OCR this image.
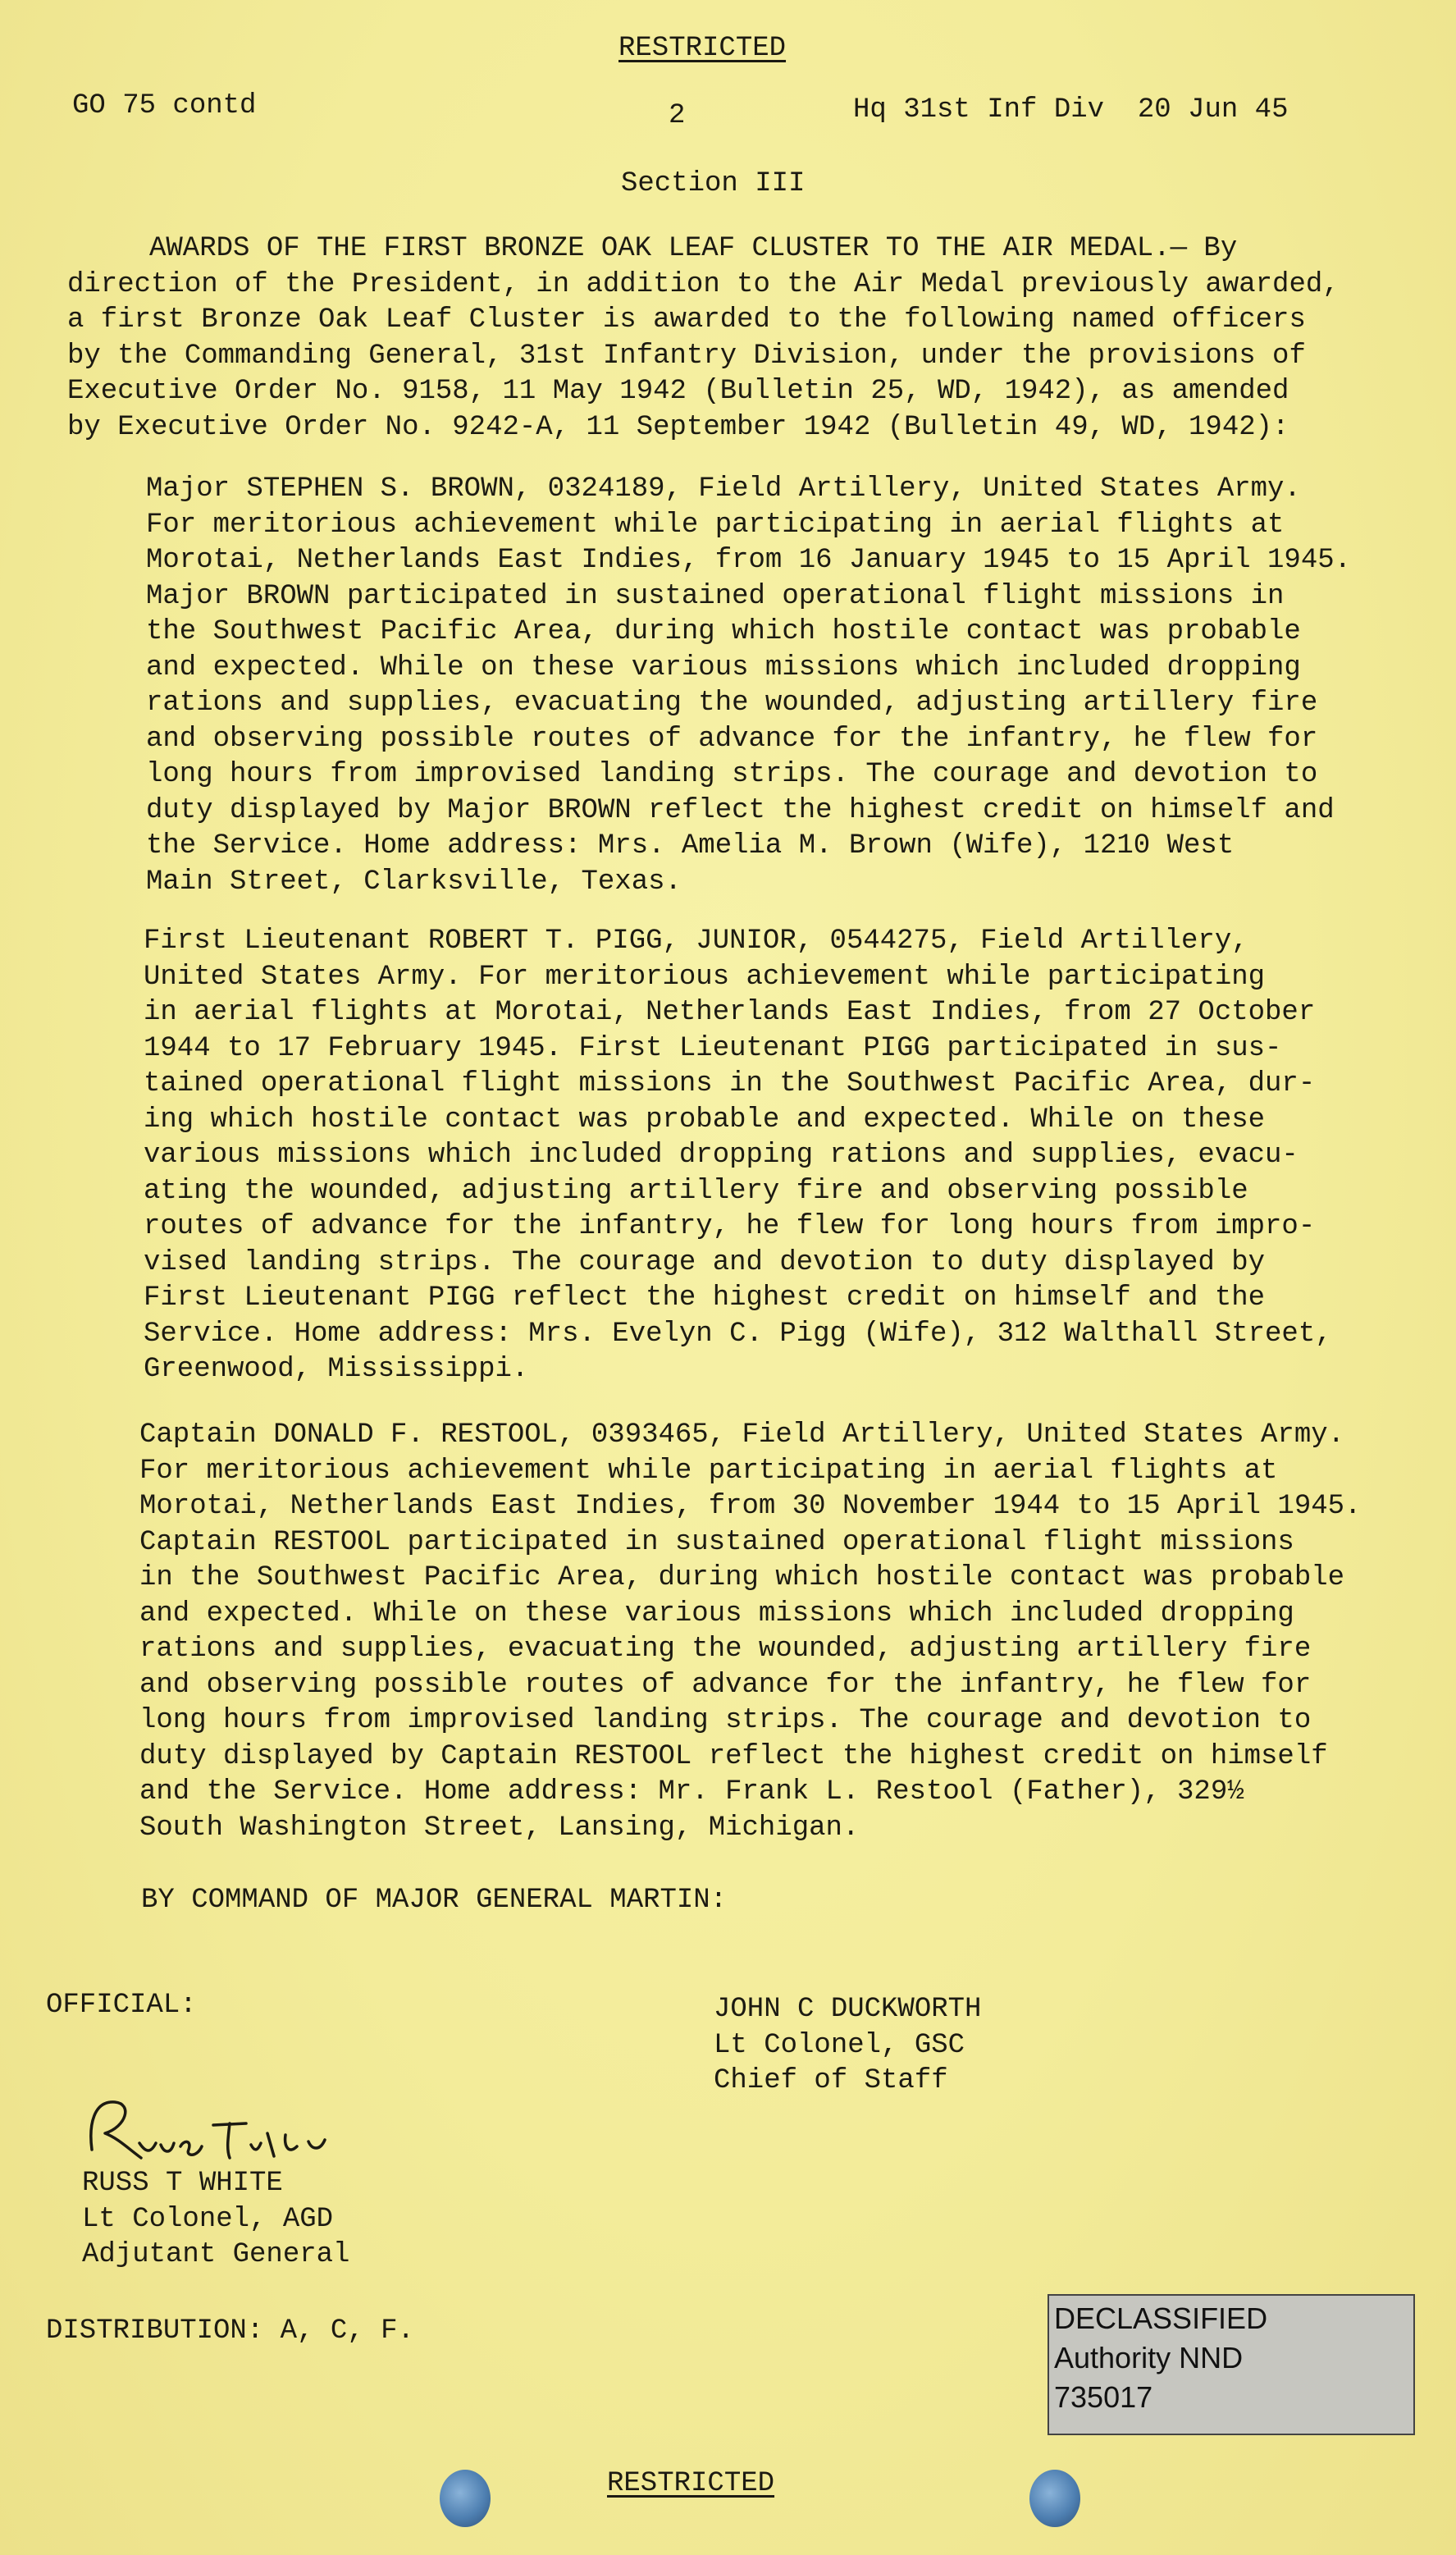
RESTRICTED
GO 75 contd	2	Hq 31st Inf Div  20 Jun 45
Section III
AWARDS OF THE FIRST BRONZE OAK LEAF CLUSTER TO THE AIR MEDAL.— By
direction of the President, in addition to the Air Medal previously awarded,
a first Bronze Oak Leaf Cluster is awarded to the following named officers
by the Commanding General, 31st Infantry Division, under the provisions of
Executive Order No. 9158, 11 May 1942 (Bulletin 25, WD, 1942), as amended
by Executive Order No. 9242-A, 11 September 1942 (Bulletin 49, WD, 1942):
Major STEPHEN S. BROWN, 0324189, Field Artillery, United States Army.
For meritorious achievement while participating in aerial flights at
Morotai, Netherlands East Indies, from 16 January 1945 to 15 April 1945.
Major BROWN participated in sustained operational flight missions in
the Southwest Pacific Area, during which hostile contact was probable
and expected. While on these various missions which included dropping
rations and supplies, evacuating the wounded, adjusting artillery fire
and observing possible routes of advance for the infantry, he flew for
long hours from improvised landing strips. The courage and devotion to
duty displayed by Major BROWN reflect the highest credit on himself and
the Service. Home address: Mrs. Amelia M. Brown (Wife), 1210 West
Main Street, Clarksville, Texas.
First Lieutenant ROBERT T. PIGG, JUNIOR, 0544275, Field Artillery,
United States Army. For meritorious achievement while participating
in aerial flights at Morotai, Netherlands East Indies, from 27 October
1944 to 17 February 1945. First Lieutenant PIGG participated in sus-
tained operational flight missions in the Southwest Pacific Area, dur-
ing which hostile contact was probable and expected. While on these
various missions which included dropping rations and supplies, evacu-
ating the wounded, adjusting artillery fire and observing possible
routes of advance for the infantry, he flew for long hours from impro-
vised landing strips. The courage and devotion to duty displayed by
First Lieutenant PIGG reflect the highest credit on himself and the
Service. Home address: Mrs. Evelyn C. Pigg (Wife), 312 Walthall Street,
Greenwood, Mississippi.
Captain DONALD F. RESTOOL, 0393465, Field Artillery, United States Army.
For meritorious achievement while participating in aerial flights at
Morotai, Netherlands East Indies, from 30 November 1944 to 15 April 1945.
Captain RESTOOL participated in sustained operational flight missions
in the Southwest Pacific Area, during which hostile contact was probable
and expected. While on these various missions which included dropping
rations and supplies, evacuating the wounded, adjusting artillery fire
and observing possible routes of advance for the infantry, he flew for
long hours from improvised landing strips. The courage and devotion to
duty displayed by Captain RESTOOL reflect the highest credit on himself
and the Service. Home address: Mr. Frank L. Restool (Father), 329½
South Washington Street, Lansing, Michigan.
BY COMMAND OF MAJOR GENERAL MARTIN:
OFFICIAL:	JOHN C DUCKWORTH
Lt Colonel, GSC
Chief of Staff
RUSS T WHITE
Lt Colonel, AGD
Adjutant General
DISTRIBUTION: A, C, F.	DECLASSIFIED
Authority NND
735017
RESTRICTED
